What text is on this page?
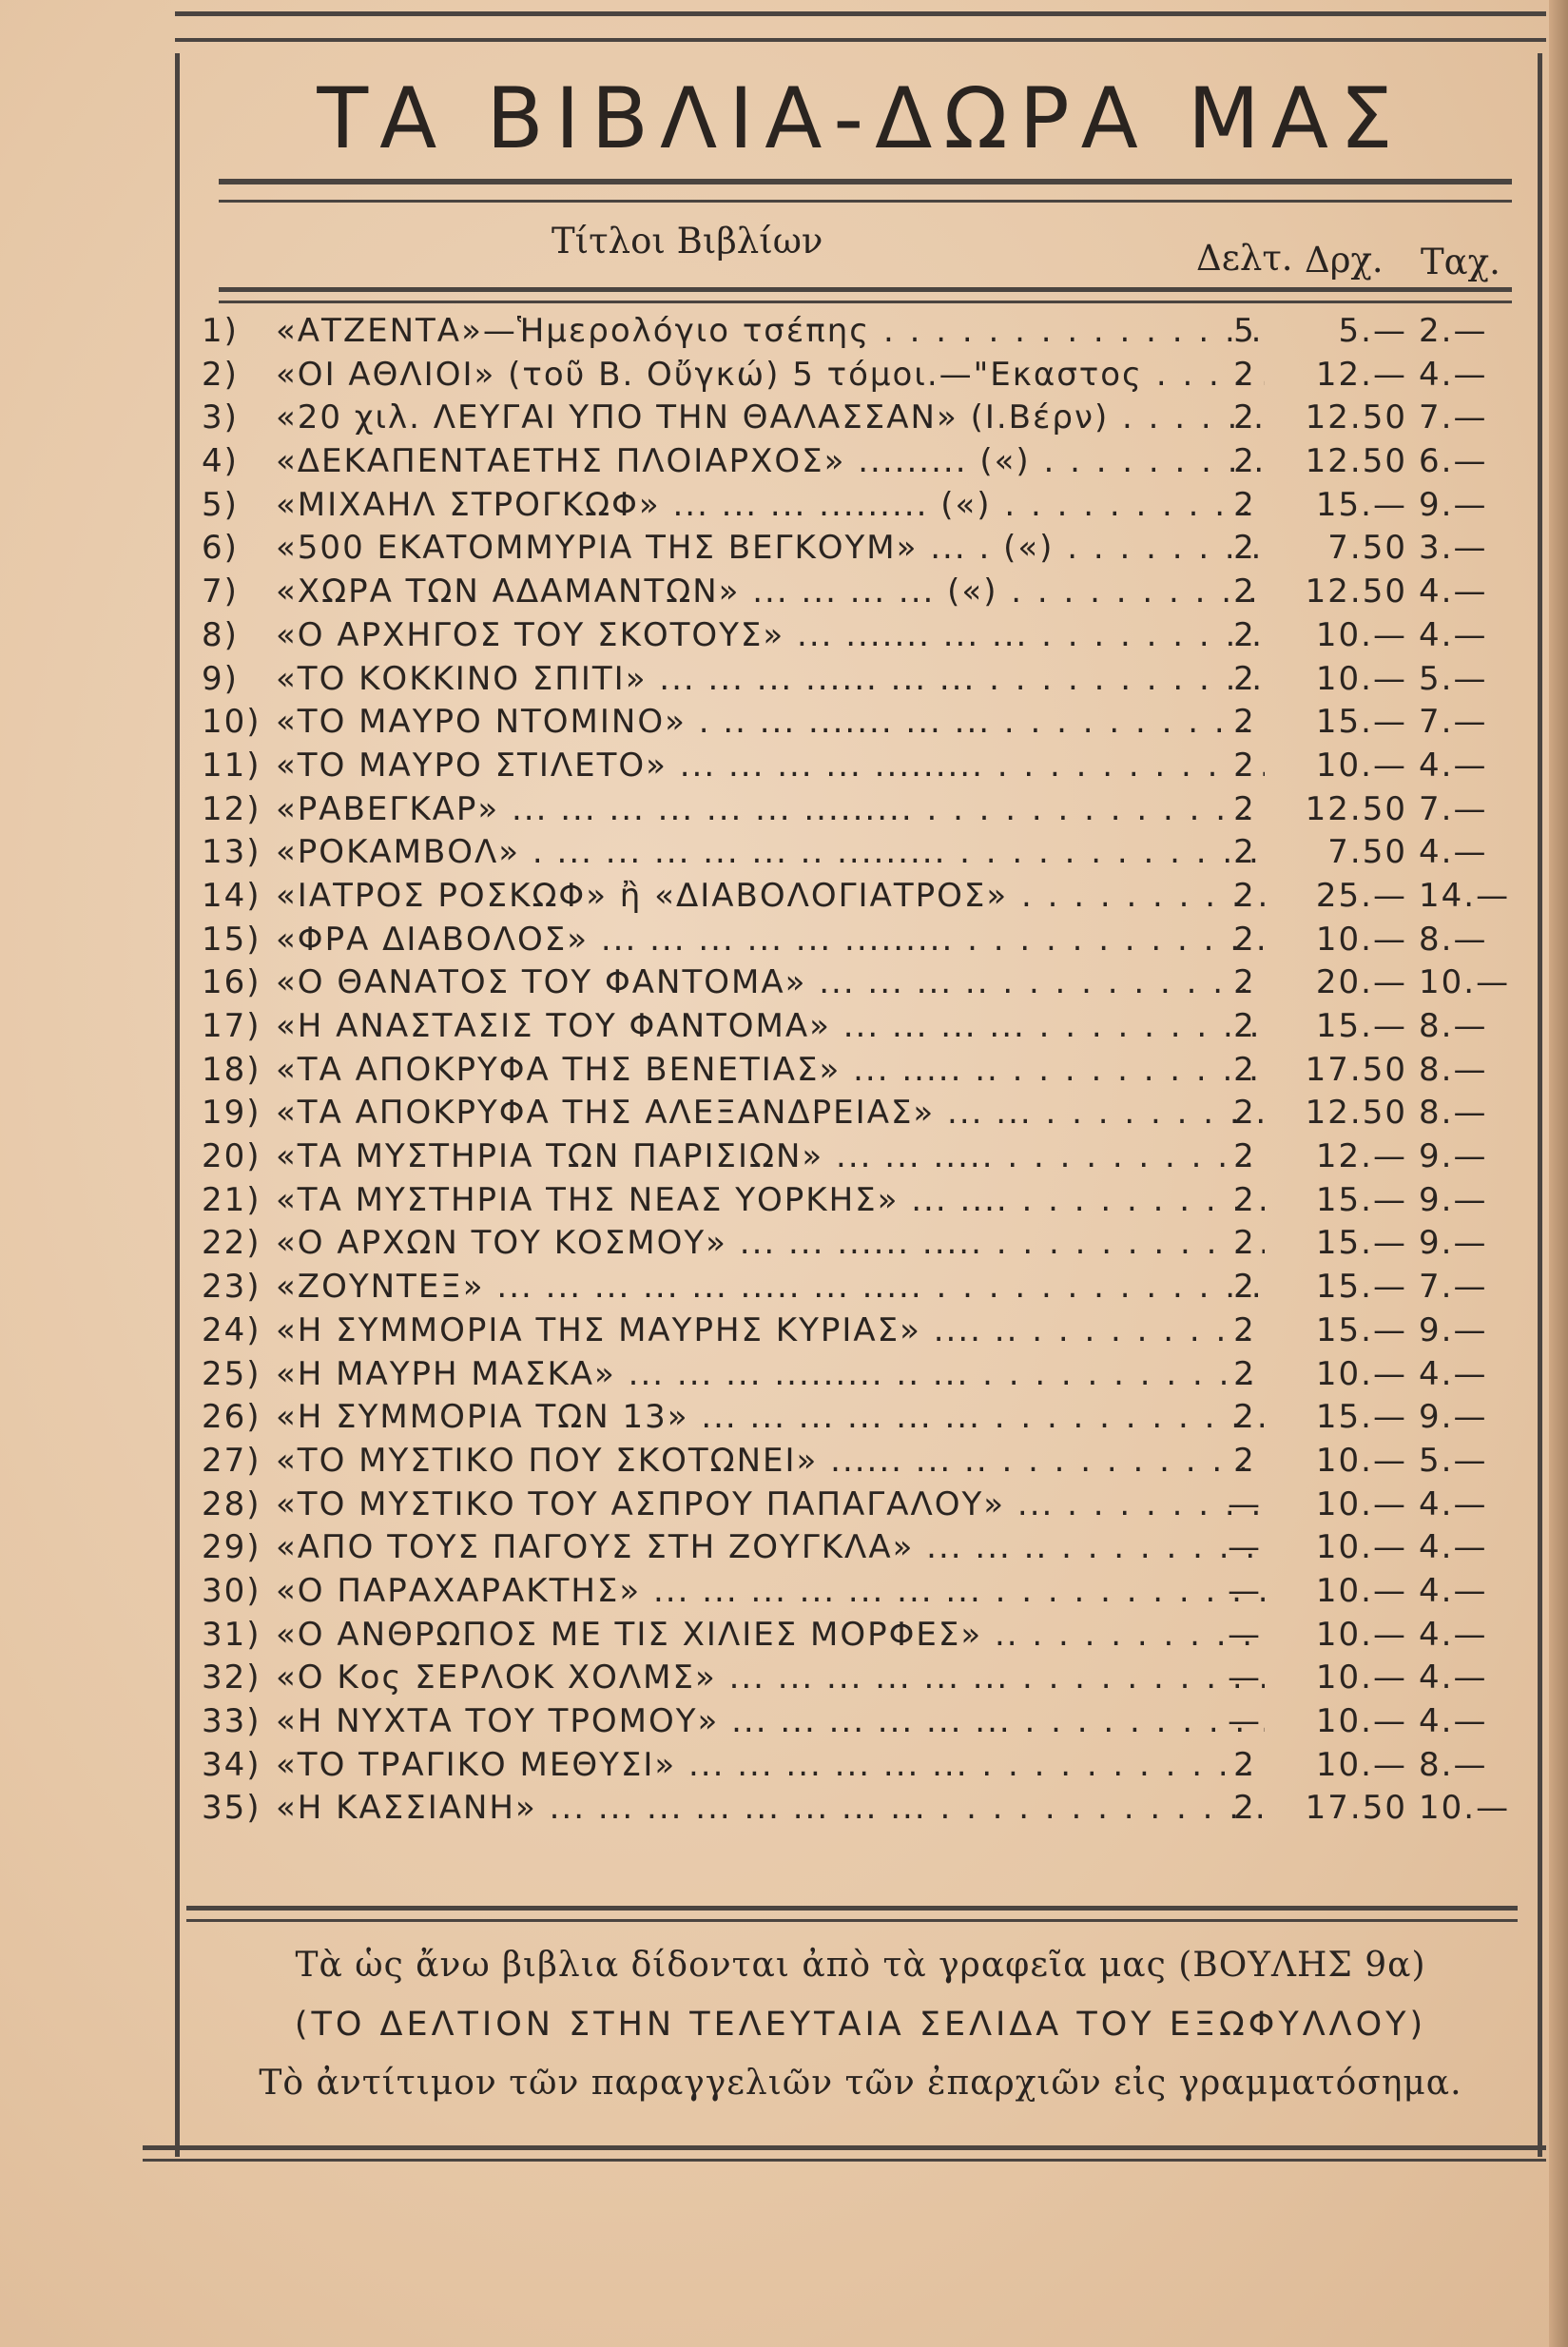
ΤΑ ΒΙΒΛΙΑ-ΔΩΡΑ ΜΑΣ
Τίτλοι Βιβλίων	Δελτ. Δρχ. Ταχ.
1)	«ΑΤΖΕΝΤΑ»—Ἡμερολόγιο τσέπης . . .	5	5.— 2.—
2)	«ΟΙ ΑΘΛΙΟΙ» (τοῦ Β. Οὔγκώ) 5 τόμοι.—"Εκαστος . . .	2	12.— 4.—
3)	«20 χιλ. ΛΕΥΓΑΙ ΥΠΟ ΤΗΝ ΘΑΛΑΣΣΑΝ» (Ι.Βέρν) . . .	2	12.50 7.—
4)	«ΔΕΚΑΠΕΝΤΑΕΤΗΣ ΠΛΟΙΑΡΧΟΣ» ......... («) . . .	2	12.50 6.—
5)	«ΜΙΧΑΗΛ ΣΤΡΟΓΚΩΦ» ... ... ... ......... («) . . .	2	15.— 9.—
6)	«500 ΕΚΑΤΟΜΜΥΡΙΑ ΤΗΣ ΒΕΓΚΟΥΜ» ... . («) . . .	2	7.50 3.—
7)	«ΧΩΡΑ ΤΩΝ ΑΔΑΜΑΝΤΩΝ» ... ... ... ... («) . . .	2	12.50 4.—
8)	«Ο ΑΡΧΗΓΟΣ ΤΟΥ ΣΚΟΤΟΥΣ» ... ....... ... ... . . .	2	10.— 4.—
9)	«ΤΟ ΚΟΚΚΙΝΟ ΣΠΙΤΙ» ... ... ... ...... ... ... . . .	2	10.— 5.—
10) «ΤΟ ΜΑΥΡΟ ΝΤΟΜΙΝΟ» . .. ... ....... ... ... . . .	2	15.— 7.—
11) «ΤΟ ΜΑΥΡΟ ΣΤΙΛΕΤΟ» ... ... ... ... ......... . . .	2	10.— 4.—
12) «ΡΑΒΕΓΚΑΡ» ... ... ... ... ... ... ......... . . .	2	12.50 7.—
13) «ΡΟΚΑΜΒΟΛ» . ... ... ... ... ... .. ......... . . .	2	7.50 4.—
14) «ΙΑΤΡΟΣ ΡΟΣΚΩΦ» ἢ «ΔΙΑΒΟΛΟΓΙΑΤΡΟΣ» . . .	2	25.— 14.—
15) «ΦΡΑ ΔΙΑΒΟΛΟΣ» ... ... ... ... ... ......... . . .	2	10.— 8.—
16) «Ο ΘΑΝΑΤΟΣ ΤΟΥ ΦΑΝΤΟΜΑ» ... ... ... .. . . .	2	20.— 10.—
17) «Η ΑΝΑΣΤΑΣΙΣ ΤΟΥ ΦΑΝΤΟΜΑ» ... ... ... ... . . .	2	15.— 8.—
18) «ΤΑ ΑΠΟΚΡΥΦΑ ΤΗΣ ΒΕΝΕΤΙΑΣ» ... ..... .. . . .	2	17.50 8.—
19) «ΤΑ ΑΠΟΚΡΥΦΑ ΤΗΣ ΑΛΕΞΑΝΔΡΕΙΑΣ» ... ... . . .	2	12.50 8.—
20) «ΤΑ ΜΥΣΤΗΡΙΑ ΤΩΝ ΠΑΡΙΣΙΩΝ» ... ... ..... . . .	2	12.— 9.—
21) «ΤΑ ΜΥΣΤΗΡΙΑ ΤΗΣ ΝΕΑΣ ΥΟΡΚΗΣ» ... .... . . .	2	15.— 9.—
22) «Ο ΑΡΧΩΝ ΤΟΥ ΚΟΣΜΟΥ» ... ... ...... ..... . . .	2	15.— 9.—
23) «ΖΟΥΝΤΕΞ» ... ... ... ... ... ..... ... ..... . . .	2	15.— 7.—
24) «Η ΣΥΜΜΟΡΙΑ ΤΗΣ ΜΑΥΡΗΣ ΚΥΡΙΑΣ» .... .. . . .	2	15.— 9.—
25) «Η ΜΑΥΡΗ ΜΑΣΚΑ» ... ... ... ......... .. ... . . .	2	10.— 4.—
26) «Η ΣΥΜΜΟΡΙΑ ΤΩΝ 13» ... ... ... ... ... ... . . .	2	15.— 9.—
27) «ΤΟ ΜΥΣΤΙΚΟ ΠΟΥ ΣΚΟΤΩΝΕΙ» ...... ... .. . . .	2	10.— 5.—
28) «ΤΟ ΜΥΣΤΙΚΟ ΤΟΥ ΑΣΠΡΟΥ ΠΑΠΑΓΑΛΟΥ» ... . . .	—	10.— 4.—
29) «ΑΠΟ ΤΟΥΣ ΠΑΓΟΥΣ ΣΤΗ ΖΟΥΓΚΛΑ» ... ... .. . . .	—	10.— 4.—
30) «Ο ΠΑΡΑΧΑΡΑΚΤΗΣ» ... ... ... ... ... ... ... . . .	—	10.— 4.—
31) «Ο ΑΝΘΡΩΠΟΣ ΜΕ ΤΙΣ ΧΙΛΙΕΣ ΜΟΡΦΕΣ» .. . . .	—	10.— 4.—
32) «Ο Κος ΣΕΡΛΟΚ ΧΟΛΜΣ» ... ... ... ... ... ... . . .	—	10.— 4.—
33) «Η ΝΥΧΤΑ ΤΟΥ ΤΡΟΜΟΥ» ... ... ... ... ... ... . . .	—	10.— 4.—
34) «ΤΟ ΤΡΑΓΙΚΟ ΜΕΘΥΣΙ» ... ... ... ... ... ... . . .	2	10.— 8.—
35) «Η ΚΑΣΣΙΑΝΗ» ... ... ... ... ... ... ... ... . . .	2	17.50 10.—
Τὰ ὡς ἄνω βιβλια δίδονται ἀπὸ τὰ γραφεῖα μας (ΒΟΥΛΗΣ 9α)
(ΤΟ ΔΕΛΤΙΟΝ ΣΤΗΝ ΤΕΛΕΥΤΑΙΑ ΣΕΛΙΔΑ ΤΟΥ ΕΞΩΦΥΛΛΟΥ)
Τὸ ἀντίτιμον τῶν παραγγελιῶν τῶν ἐπαρχιῶν εἰς γραμματόσημα.
